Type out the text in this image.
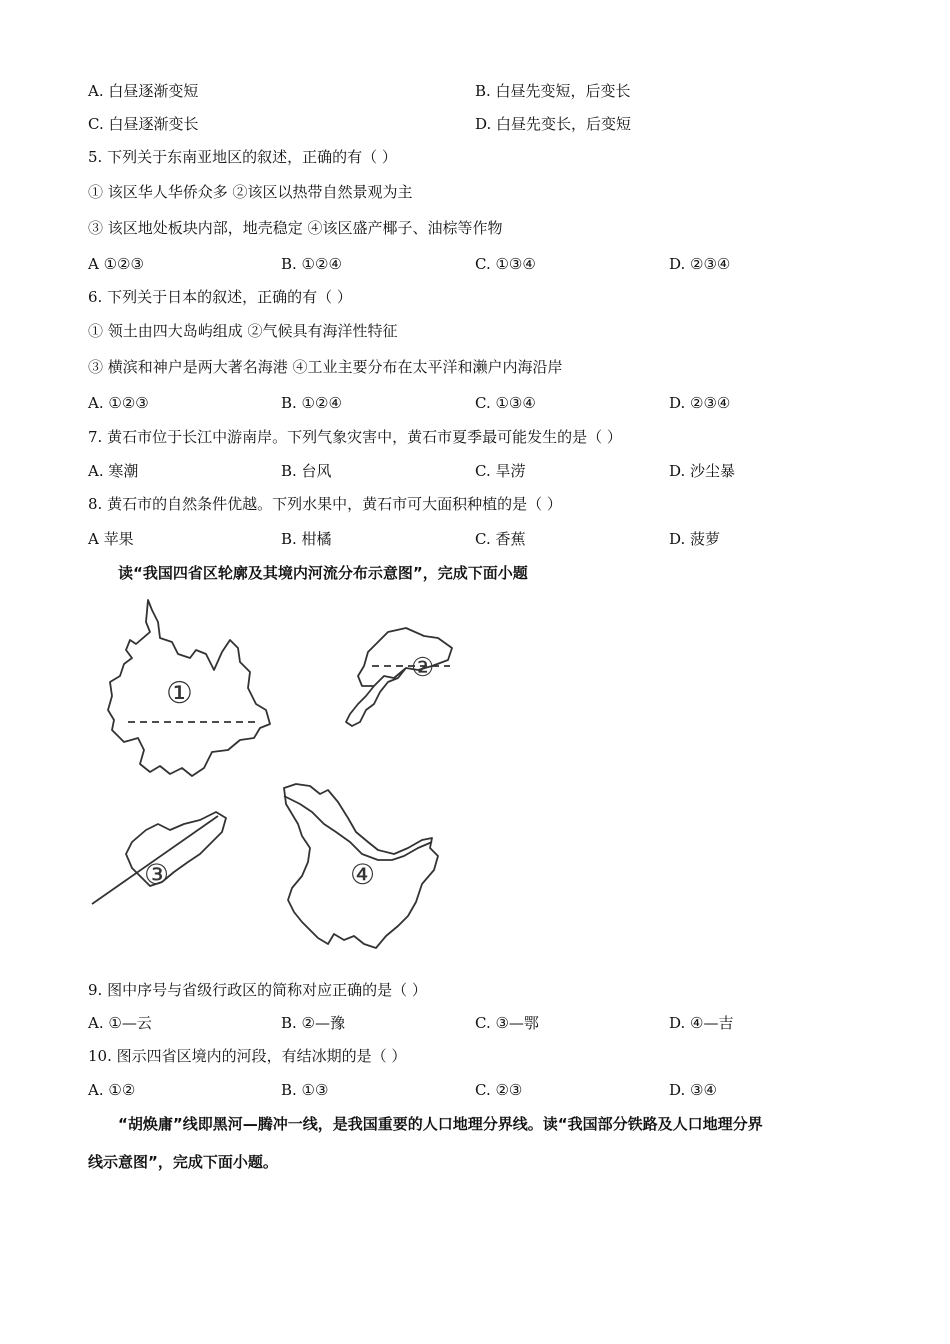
A. 白昼逐渐变短	B. 白昼先变短，后变长
C. 白昼逐渐变长	D. 白昼先变长，后变短
5. 下列关于东南亚地区的叙述，正确的有（ ）
① 该区华人华侨众多 ②该区以热带自然景观为主
③ 该区地处板块内部，地壳稳定 ④该区盛产椰子、油棕等作物
A ①②③	B. ①②④	C. ①③④	D. ②③④
6. 下列关于日本的叙述，正确的有（ ）
① 领土由四大岛屿组成 ②气候具有海洋性特征
③ 横滨和神户是两大著名海港 ④工业主要分布在太平洋和濑户内海沿岸
A. ①②③	B. ①②④	C. ①③④	D. ②③④
7. 黄石市位于长江中游南岸。下列气象灾害中，黄石市夏季最可能发生的是（ ）
A. 寒潮	B. 台风	C. 旱涝	D. 沙尘暴
8. 黄石市的自然条件优越。下列水果中，黄石市可大面积种植的是（ ）
A 苹果	B. 柑橘	C. 香蕉	D. 菠萝
读“我国四省区轮廓及其境内河流分布示意图”，完成下面小题
①
②
③	④
9. 图中序号与省级行政区的简称对应正确的是（ ）
A. ①—云	B. ②—豫	C. ③—鄂	D. ④—吉
10. 图示四省区境内的河段，有结冰期的是（ ）
A. ①②	B. ①③	C. ②③	D. ③④
“胡焕庸”线即黑河—腾冲一线，是我国重要的人口地理分界线。读“我国部分铁路及人口地理分界
线示意图”，完成下面小题。
